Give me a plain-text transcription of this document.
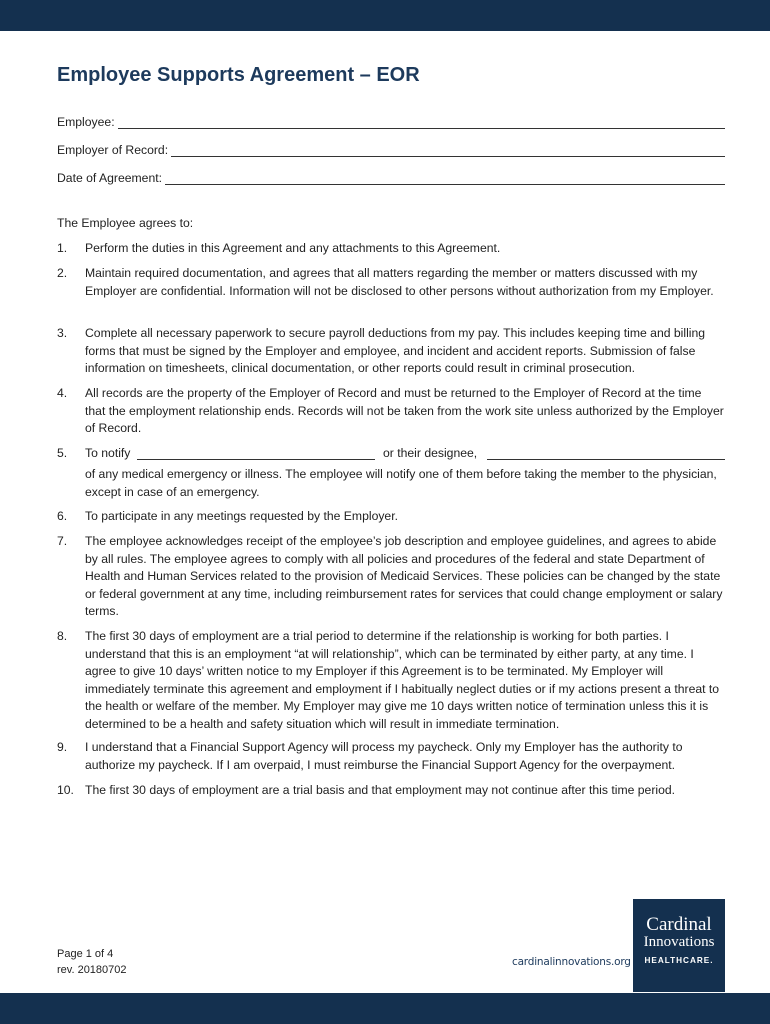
Employee Supports Agreement – EOR
Employee:
Employer of Record:
Date of Agreement:
The Employee agrees to:
1. Perform the duties in this Agreement and any attachments to this Agreement.
2. Maintain required documentation, and agrees that all matters regarding the member or matters discussed with my Employer are confidential. Information will not be disclosed to other persons without authorization from my Employer.
3. Complete all necessary paperwork to secure payroll deductions from my pay. This includes keeping time and billing forms that must be signed by the Employer and employee, and incident and accident reports. Submission of false information on timesheets, clinical documentation, or other reports could result in criminal prosecution.
4. All records are the property of the Employer of Record and must be returned to the Employer of Record at the time that the employment relationship ends. Records will not be taken from the work site unless authorized by the Employer of Record.
5. To notify	or their designee,
of any medical emergency or illness. The employee will notify one of them before taking the member to the physician, except in case of an emergency.
6. To participate in any meetings requested by the Employer.
7. The employee acknowledges receipt of the employee’s job description and employee guidelines, and agrees to abide by all rules. The employee agrees to comply with all policies and procedures of the federal and state Department of Health and Human Services related to the provision of Medicaid Services. These policies can be changed by the state or federal government at any time, including reimbursement rates for services that could change employment or salary terms.
8. The first 30 days of employment are a trial period to determine if the relationship is working for both parties. I understand that this is an employment “at will relationship”, which can be terminated by either party, at any time. I agree to give 10 days’ written notice to my Employer if this Agreement is to be terminated. My Employer will immediately terminate this agreement and employment if I habitually neglect duties or if my actions present a threat to the health or welfare of the member. My Employer may give me 10 days written notice of termination unless this it is determined to be a health and safety situation which will result in immediate termination.
9. I understand that a Financial Support Agency will process my paycheck. Only my Employer has the authority to authorize my paycheck. If I am overpaid, I must reimburse the Financial Support Agency for the overpayment.
10. The first 30 days of employment are a trial basis and that employment may not continue after this time period.
Page 1 of 4
rev. 20180702
cardinalinnovations.org
Cardinal
Innovations
HEALTHCARE.
